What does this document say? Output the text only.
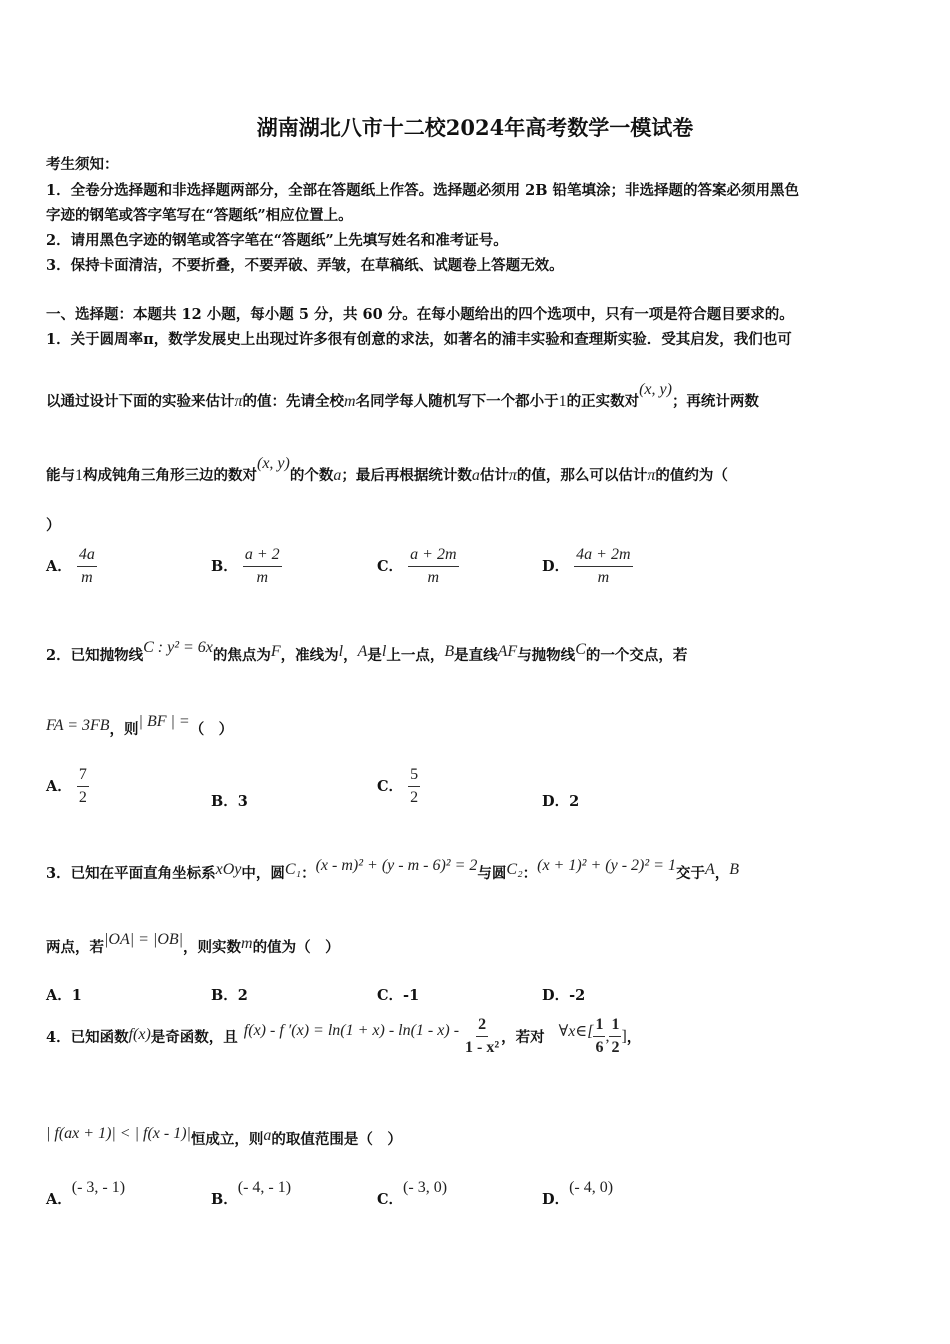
湖南湖北八市十二校2024年高考数学一模试卷
考生须知：
1．全卷分选择题和非选择题两部分，全部在答题纸上作答。选择题必须用 2B 铅笔填涂；非选择题的答案必须用黑色
字迹的钢笔或答字笔写在“答题纸”相应位置上。
2．请用黑色字迹的钢笔或答字笔在“答题纸”上先填写姓名和准考证号。
3．保持卡面清洁，不要折叠，不要弄破、弄皱，在草稿纸、试题卷上答题无效。
一、选择题：本题共 12 小题，每小题 5 分，共 60 分。在每小题给出的四个选项中，只有一项是符合题目要求的。
1．关于圆周率π，数学发展史上出现过许多很有创意的求法，如著名的浦丰实验和查理斯实验．受其启发，我们也可
以通过设计下面的实验来估计π的值：先请全校m名同学每人随机写下一个都小于1的正实数对(x, y)；再统计两数
能与1构成钝角三角形三边的数对(x, y)的个数a；最后再根据统计数a估计π的值，那么可以估计π的值约为（
）
A． $\frac{4a}{m}$	B． $\frac{a + 2}{m}$	C． $\frac{a + 2m}{m}$	D． $\frac{4a + 2m}{m}$
2．已知抛物线C : y² = 6x的焦点为F，准线为l，A是l上一点，B是直线AF与抛物线C的一个交点，若
FA = 3FB，则| BF | =（　）
A． $\frac{7}{2}$	B．3
C． $\frac{5}{2}$	D．2
3．已知在平面直角坐标系xOy中，圆C₁：(x - m)² + (y - m - 6)² = 2与圆C₂：(x + 1)² + (y - 2)² = 1交于A，B
两点，若|OA| = |OB|，则实数m的值为（　）
A．1	B．2	C．-1	D．-2
4．已知函数 f(x) 是奇函数，且 f(x) - f $'(x) = \ln(1 + x) - \ln(1 - x) - \frac{2}{\text{1 - x²}}$ ，若对 ∀x∈[ $\frac{1}{6}$ , $\frac{1}{2}$ ] ，
| f(ax + 1)| < | f(x - 1)|恒成立，则a的取值范围是（　）
A．(- 3, - 1)
B．(- 4, - 1)
C．(- 3, 0)
D．(- 4, 0)
